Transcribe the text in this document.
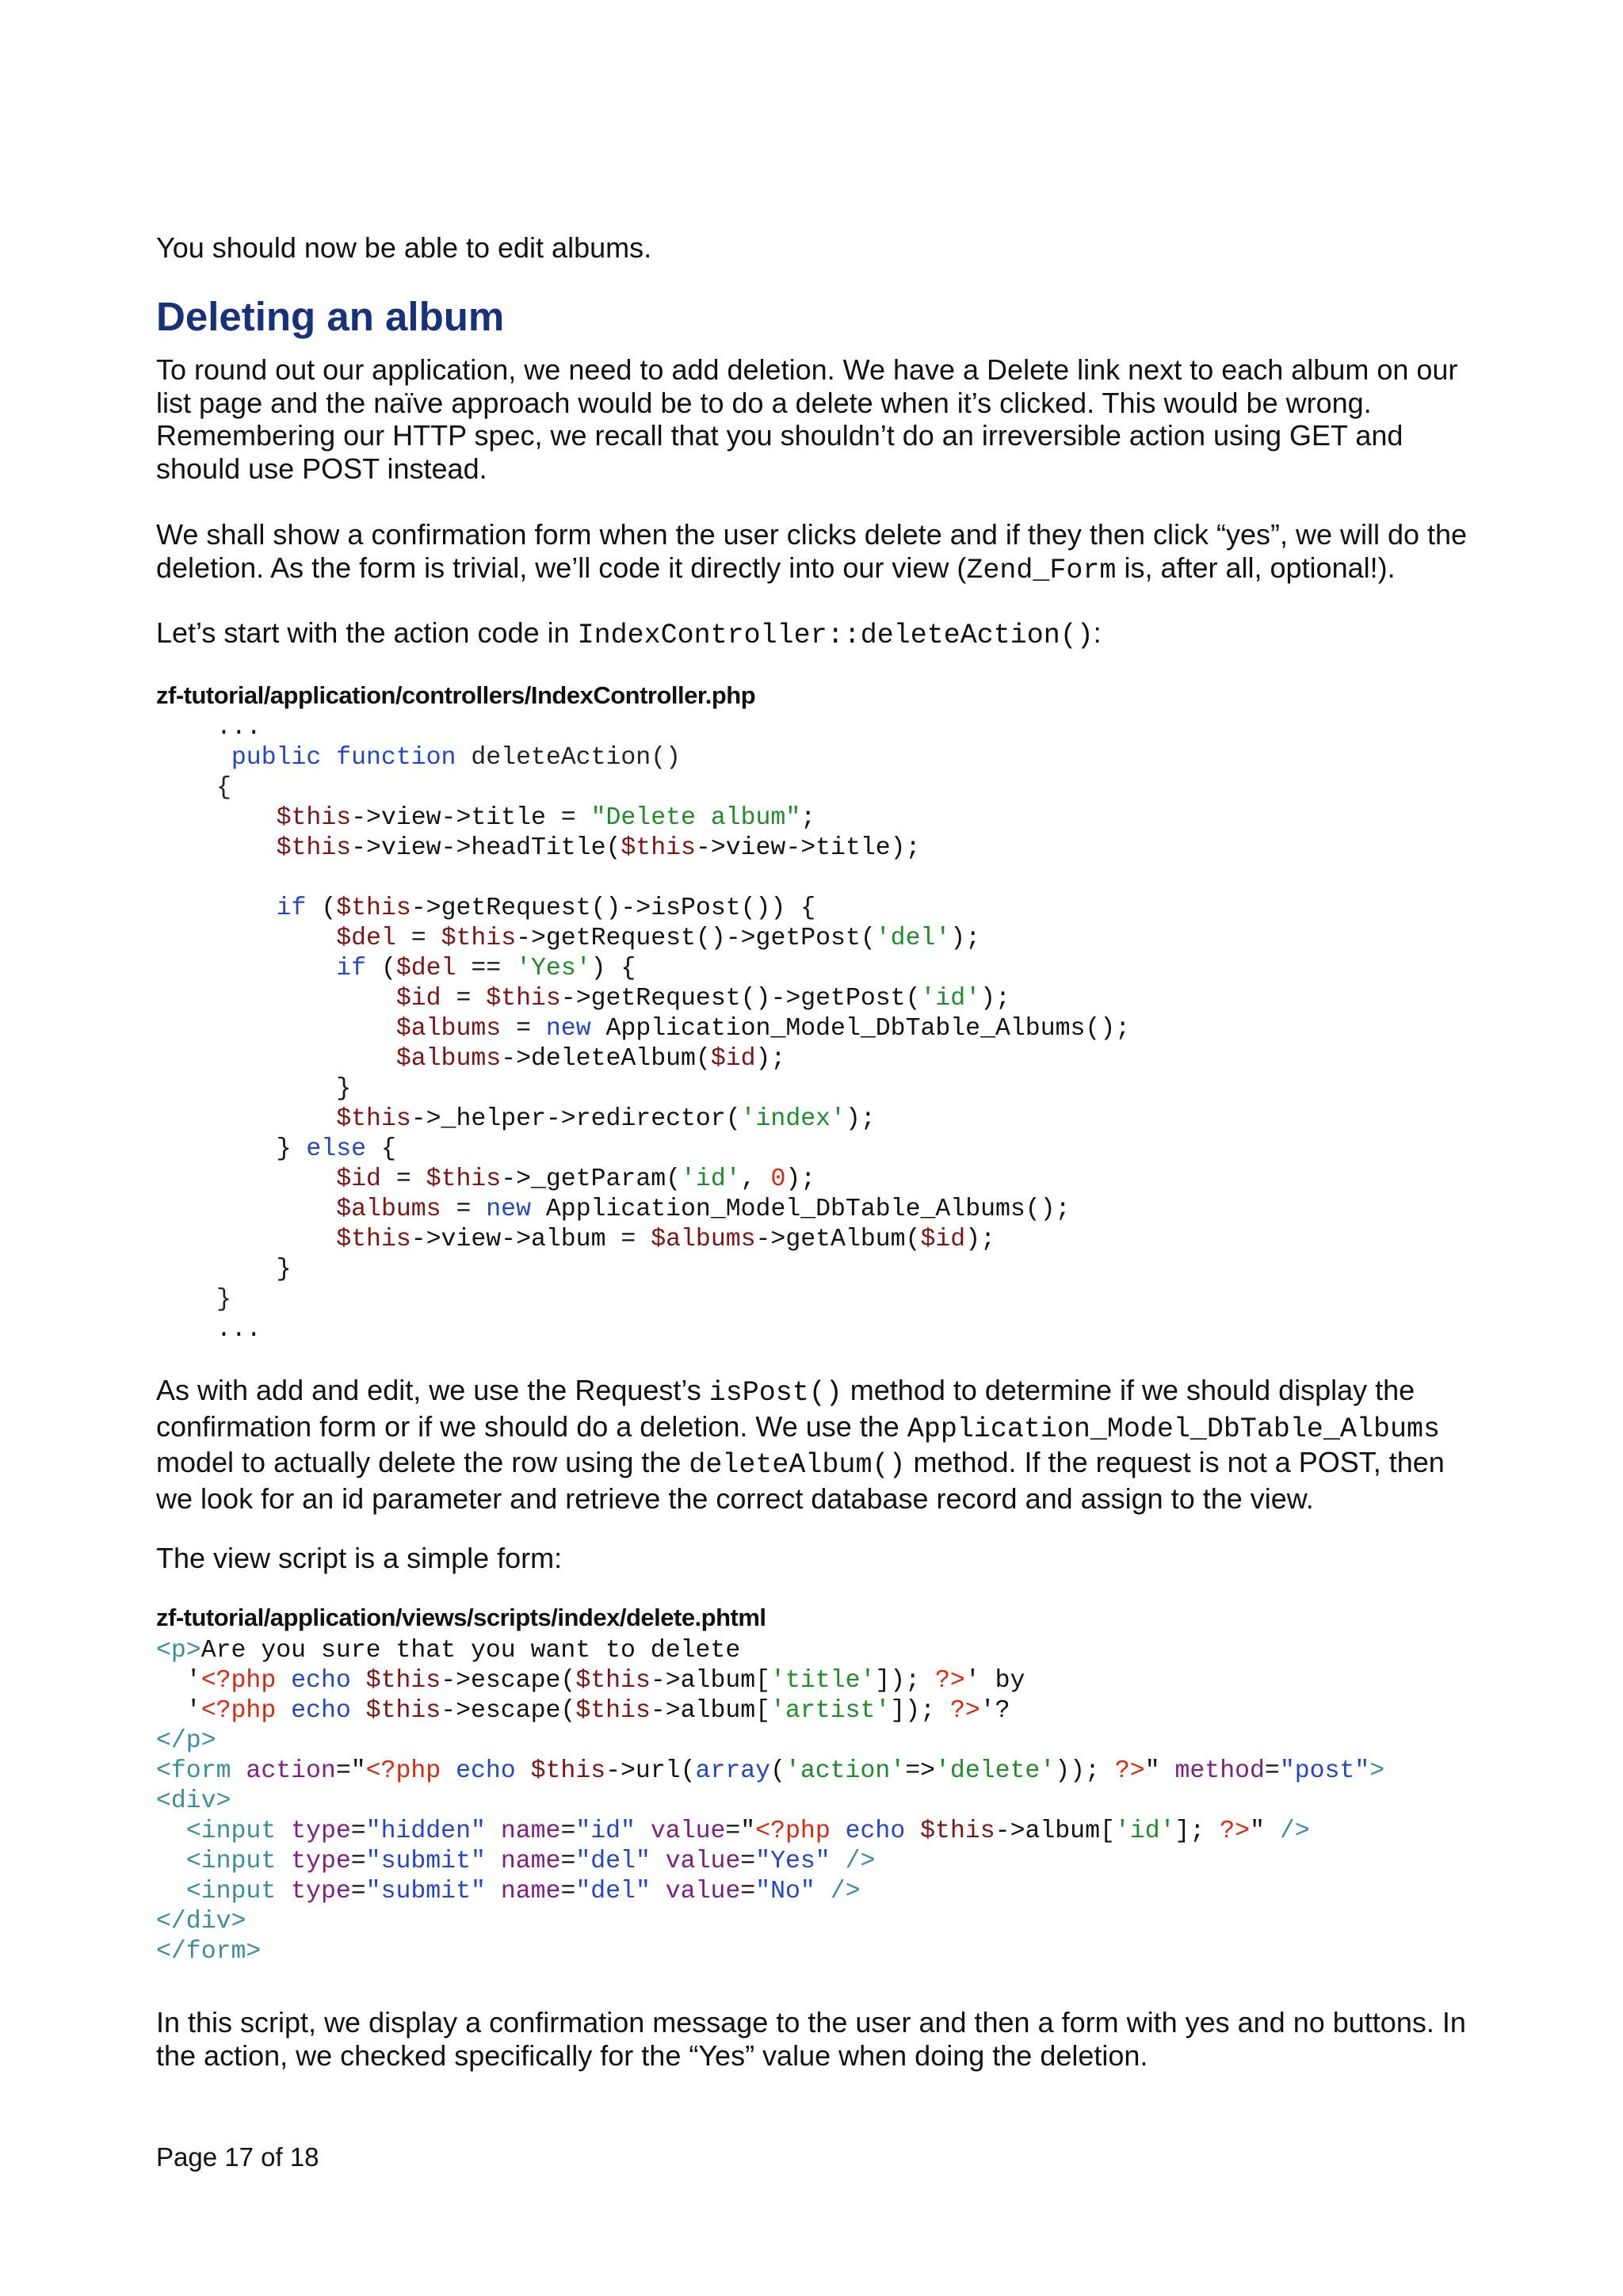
You should now be able to edit albums.

Deleting an album

To round out our application, we need to add deletion. We have a Delete link next to each album on our list page and the naïve approach would be to do a delete when it’s clicked. This would be wrong. Remembering our HTTP spec, we recall that you shouldn’t do an irreversible action using GET and should use POST instead.

We shall show a confirmation form when the user clicks delete and if they then click “yes”, we will do the deletion. As the form is trivial, we’ll code it directly into our view (Zend_Form is, after all, optional!).

Let’s start with the action code in IndexController::deleteAction():

zf-tutorial/application/controllers/IndexController.php

...
public function deleteAction()
{
$this->view->title = "Delete album";
$this->view->headTitle($this->view->title);

if ($this->getRequest()->isPost()) {
$del = $this->getRequest()->getPost('del');
if ($del == 'Yes') {
$id = $this->getRequest()->getPost('id');
$albums = new Application_Model_DbTable_Albums();
$albums->deleteAlbum($id);
}
$this->_helper->redirector('index');
} else {
$id = $this->_getParam('id', 0);
$albums = new Application_Model_DbTable_Albums();
$this->view->album = $albums->getAlbum($id);
}
}
...

As with add and edit, we use the Request’s isPost() method to determine if we should display the confirmation form or if we should do a deletion. We use the Application_Model_DbTable_Albums model to actually delete the row using the deleteAlbum() method. If the request is not a POST, then we look for an id parameter and retrieve the correct database record and assign to the view.

The view script is a simple form:

zf-tutorial/application/views/scripts/index/delete.phtml

<p>Are you sure that you want to delete
'<?php echo $this->escape($this->album['title']); ?>' by
'<?php echo $this->escape($this->album['artist']); ?>'?
</p>
<form action="<?php echo $this->url(array('action'=>'delete')); ?>" method="post">
<div>
<input type="hidden" name="id" value="<?php echo $this->album['id']; ?>" />
<input type="submit" name="del" value="Yes" />
<input type="submit" name="del" value="No" />
</div>
</form>

In this script, we display a confirmation message to the user and then a form with yes and no buttons. In the action, we checked specifically for the “Yes” value when doing the deletion.

Page 17 of 18
